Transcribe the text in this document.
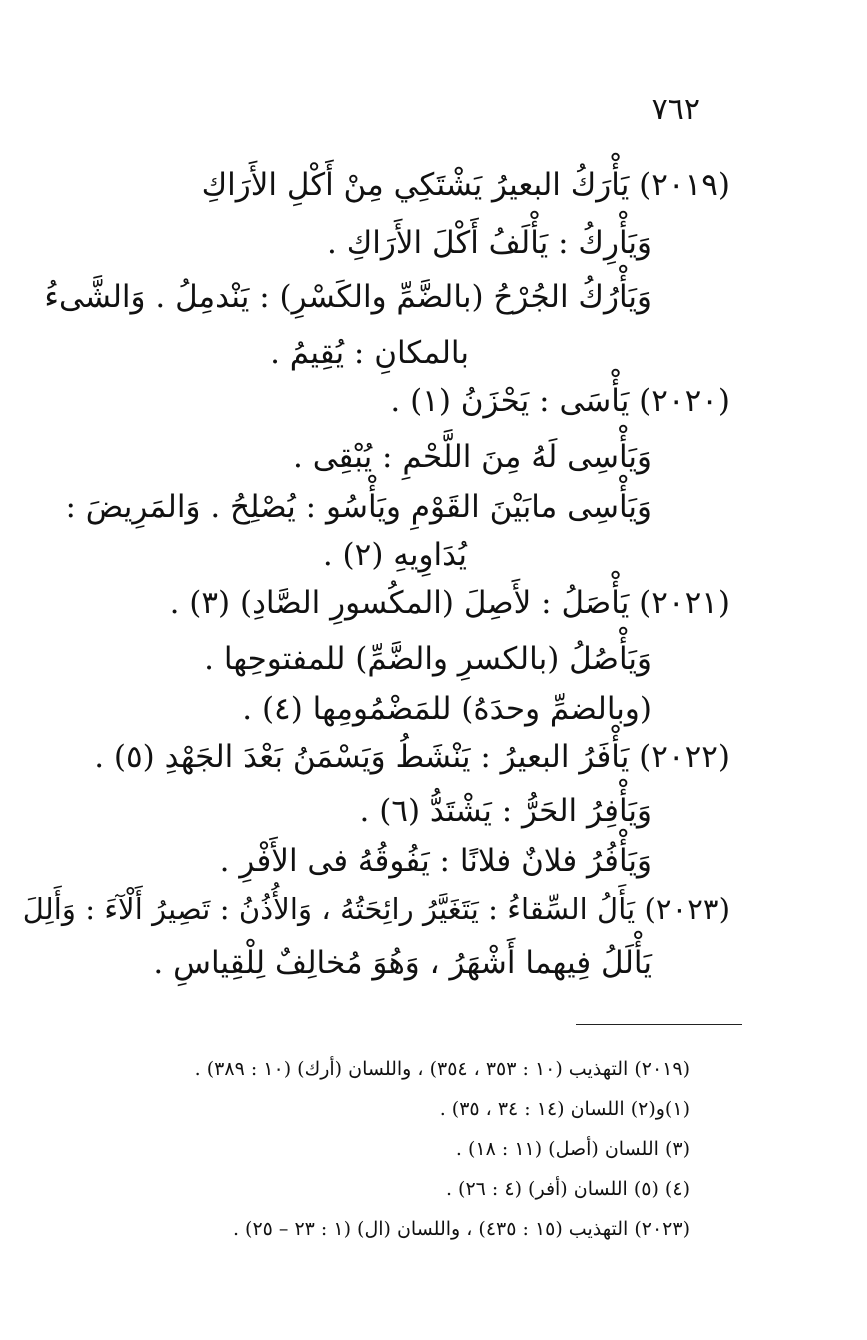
٧٦٢
(٢٠١٩) يَأْرَكُ البعيرُ يَشْتَكِي مِنْ أَكْلِ الأَرَاكِ
وَيَأْرِكُ : يَأْلَفُ أَكْلَ الأَرَاكِ .
وَيَأْرُكُ الجُرْحُ (بالضَّمِّ والكَسْرِ) : يَنْدمِلُ . وَالشَّىءُ
بالمكانِ : يُقِيمُ .
(٢٠٢٠) يَأْسَى : يَحْزَنُ (١) .
وَيَأْسِى لَهُ مِنَ اللَّحْمِ : يُبْقِى .
وَيَأْسِى مابَيْنَ القَوْمِ ويَأْسُو : يُصْلِحُ . وَالمَرِيضَ :
يُدَاوِيهِ (٢) .
(٢٠٢١) يَأْصَلُ : لأَصِلَ (المكُسورِ الصَّادِ) (٣) .
وَيَأْصُلُ (بالكسرِ والضَّمِّ) للمفتوحِها .
(وبالضمِّ وحدَهُ) للمَضْمُومِها (٤) .
(٢٠٢٢) يَأْفَرُ البعيرُ : يَنْشَطُ وَيَسْمَنُ بَعْدَ الجَهْدِ (٥) .
وَيَأْفِرُ الحَرُّ : يَشْتَدُّ (٦) .
وَيَأْفُرُ فلانٌ فلانًا : يَفُوقُهُ فى الأَفْرِ .
(٢٠٢٣) يَأَلُ السِّقاءُ : يَتَغَيَّرُ رائِحَتُهُ ، وَالأُذُنُ : تَصِيرُ أَلْآءَ : وَأَلِلَ
يَأْلَلُ فِيهما أَشْهَرُ ، وَهُوَ مُخالِفٌ لِلْقِياسِ .
(٢٠١٩) التهذيب (١٠ : ٣٥٣ ، ٣٥٤) ، واللسان (أرك) (١٠ : ٣٨٩) .
(١)و(٢) اللسان (١٤ : ٣٤ ، ٣٥) .
(٣) اللسان (أصل) (١١ : ١٨) .
(٤) (٥) اللسان (أفر) (٤ : ٢٦) .
(٢٠٢٣) التهذيب (١٥ : ٤٣٥) ، واللسان (ال) (١ : ٢٣ – ٢٥) .
